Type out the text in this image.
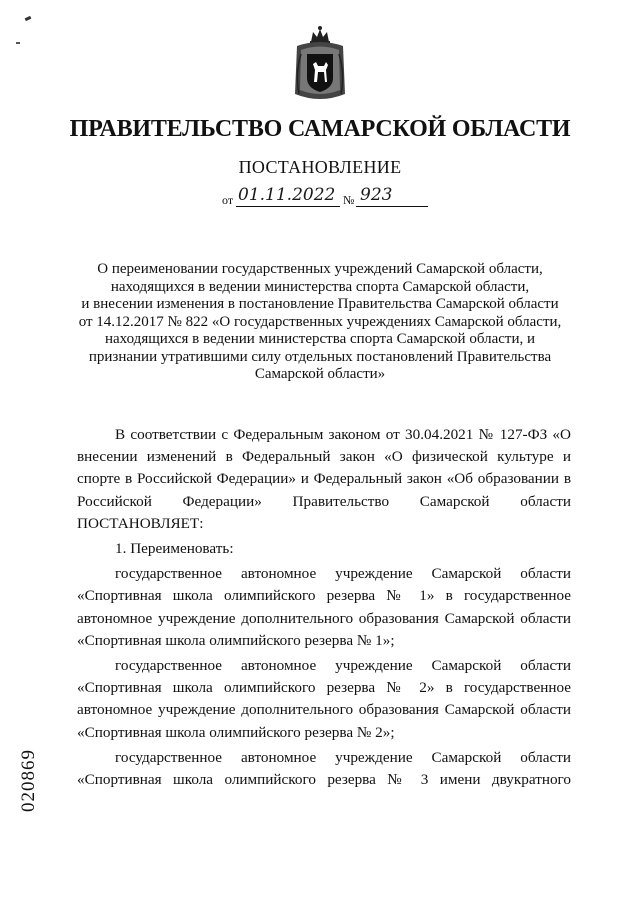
ПРАВИТЕЛЬСТВО САМАРСКОЙ ОБЛАСТИ
ПОСТАНОВЛЕНИЕ
от 01.11.2022 № 923
О переименовании государственных учреждений Самарской области,
находящихся в ведении министерства спорта Самарской области,
и внесении изменения в постановление Правительства Самарской области
от 14.12.2017 № 822 «О государственных учреждениях Самарской области,
находящихся в ведении министерства спорта Самарской области, и
признании утратившими силу отдельных постановлений Правительства
Самарской области»

В соответствии с Федеральным законом от 30.04.2021 № 127-ФЗ «О внесении изменений в Федеральный закон «О физической культуре и спорте в Российской Федерации» и Федеральный закон «Об образовании в Российской Федерации» Правительство Самарской области ПОСТАНОВЛЯЕТ:

1. Переименовать:

государственное автономное учреждение Самарской области «Спортивная школа олимпийского резерва № 1» в государственное автономное учреждение дополнительного образования Самарской области «Спортивная школа олимпийского резерва № 1»;

государственное автономное учреждение Самарской области «Спортивная школа олимпийского резерва № 2» в государственное автономное учреждение дополнительного образования Самарской области «Спортивная школа олимпийского резерва № 2»;

государственное автономное учреждение Самарской области «Спортивная школа олимпийского резерва № 3 имени двукратного

020869
